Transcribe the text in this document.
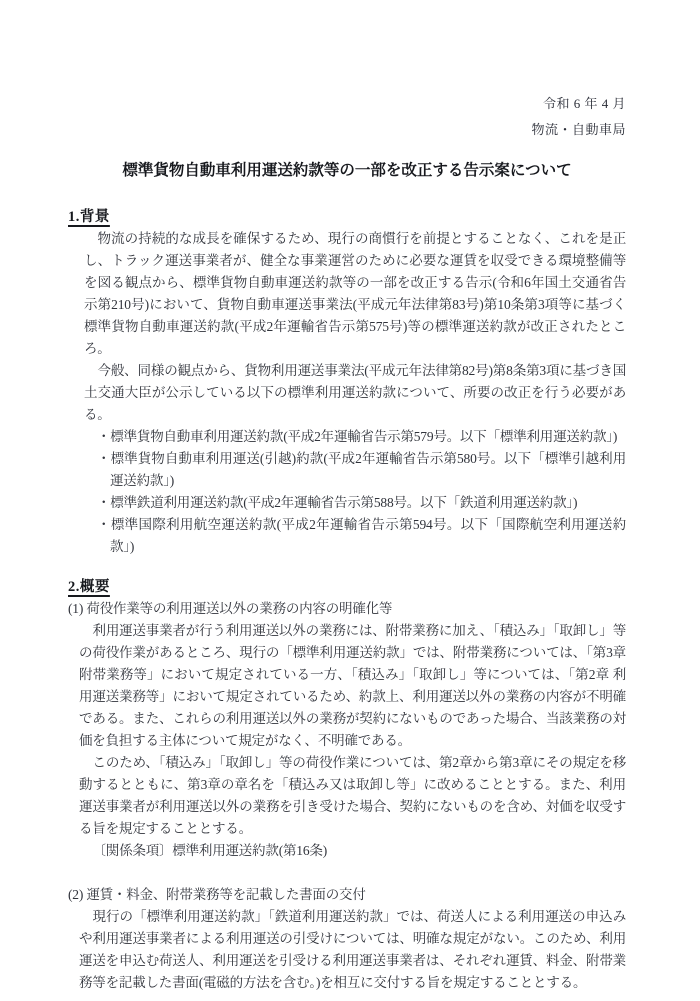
令和 6 年 4 月
物流・自動車局
標準貨物自動車利用運送約款等の一部を改正する告示案について
1.背景

物流の持続的な成長を確保するため、現行の商慣行を前提とすることなく、これを是正し、トラック運送事業者が、健全な事業運営のために必要な運賃を収受できる環境整備等を図る観点から、標準貨物自動車運送約款等の一部を改正する告示(令和6年国土交通省告示第210号)において、貨物自動車運送事業法(平成元年法律第83号)第10条第3項等に基づく標準貨物自動車運送約款(平成2年運輸省告示第575号)等の標準運送約款が改正されたところ。

今般、同様の観点から、貨物利用運送事業法(平成元年法律第82号)第8条第3項に基づき国土交通大臣が公示している以下の標準利用運送約款について、所要の改正を行う必要がある。

・標準貨物自動車利用運送約款(平成2年運輸省告示第579号。以下「標準利用運送約款」)
・標準貨物自動車利用運送(引越)約款(平成2年運輸省告示第580号。以下「標準引越利用運送約款」)
・標準鉄道利用運送約款(平成2年運輸省告示第588号。以下「鉄道利用運送約款」)
・標準国際利用航空運送約款(平成2年運輸省告示第594号。以下「国際航空利用運送約款」)
2.概要
(1) 荷役作業等の利用運送以外の業務の内容の明確化等

利用運送事業者が行う利用運送以外の業務には、附帯業務に加え、「積込み」「取卸し」等の荷役作業があるところ、現行の「標準利用運送約款」では、附帯業務については、「第3章 附帯業務等」において規定されている一方、「積込み」「取卸し」等については、「第2章 利用運送業務等」において規定されているため、約款上、利用運送以外の業務の内容が不明確である。また、これらの利用運送以外の業務が契約にないものであった場合、当該業務の対価を負担する主体について規定がなく、不明確である。

このため、「積込み」「取卸し」等の荷役作業については、第2章から第3章にその規定を移動するとともに、第3章の章名を「積込み又は取卸し等」に改めることとする。また、利用運送事業者が利用運送以外の業務を引き受けた場合、契約にないものを含め、対価を収受する旨を規定することとする。

〔関係条項〕標準利用運送約款(第16条)

(2) 運賃・料金、附帯業務等を記載した書面の交付

現行の「標準利用運送約款」「鉄道利用運送約款」では、荷送人による利用運送の申込みや利用運送事業者による利用運送の引受けについては、明確な規定がない。このため、利用運送を申込む荷送人、利用運送を引受ける利用運送事業者は、それぞれ運賃、料金、附帯業務等を記載した書面(電磁的方法を含む。)を相互に交付する旨を規定することとする。
